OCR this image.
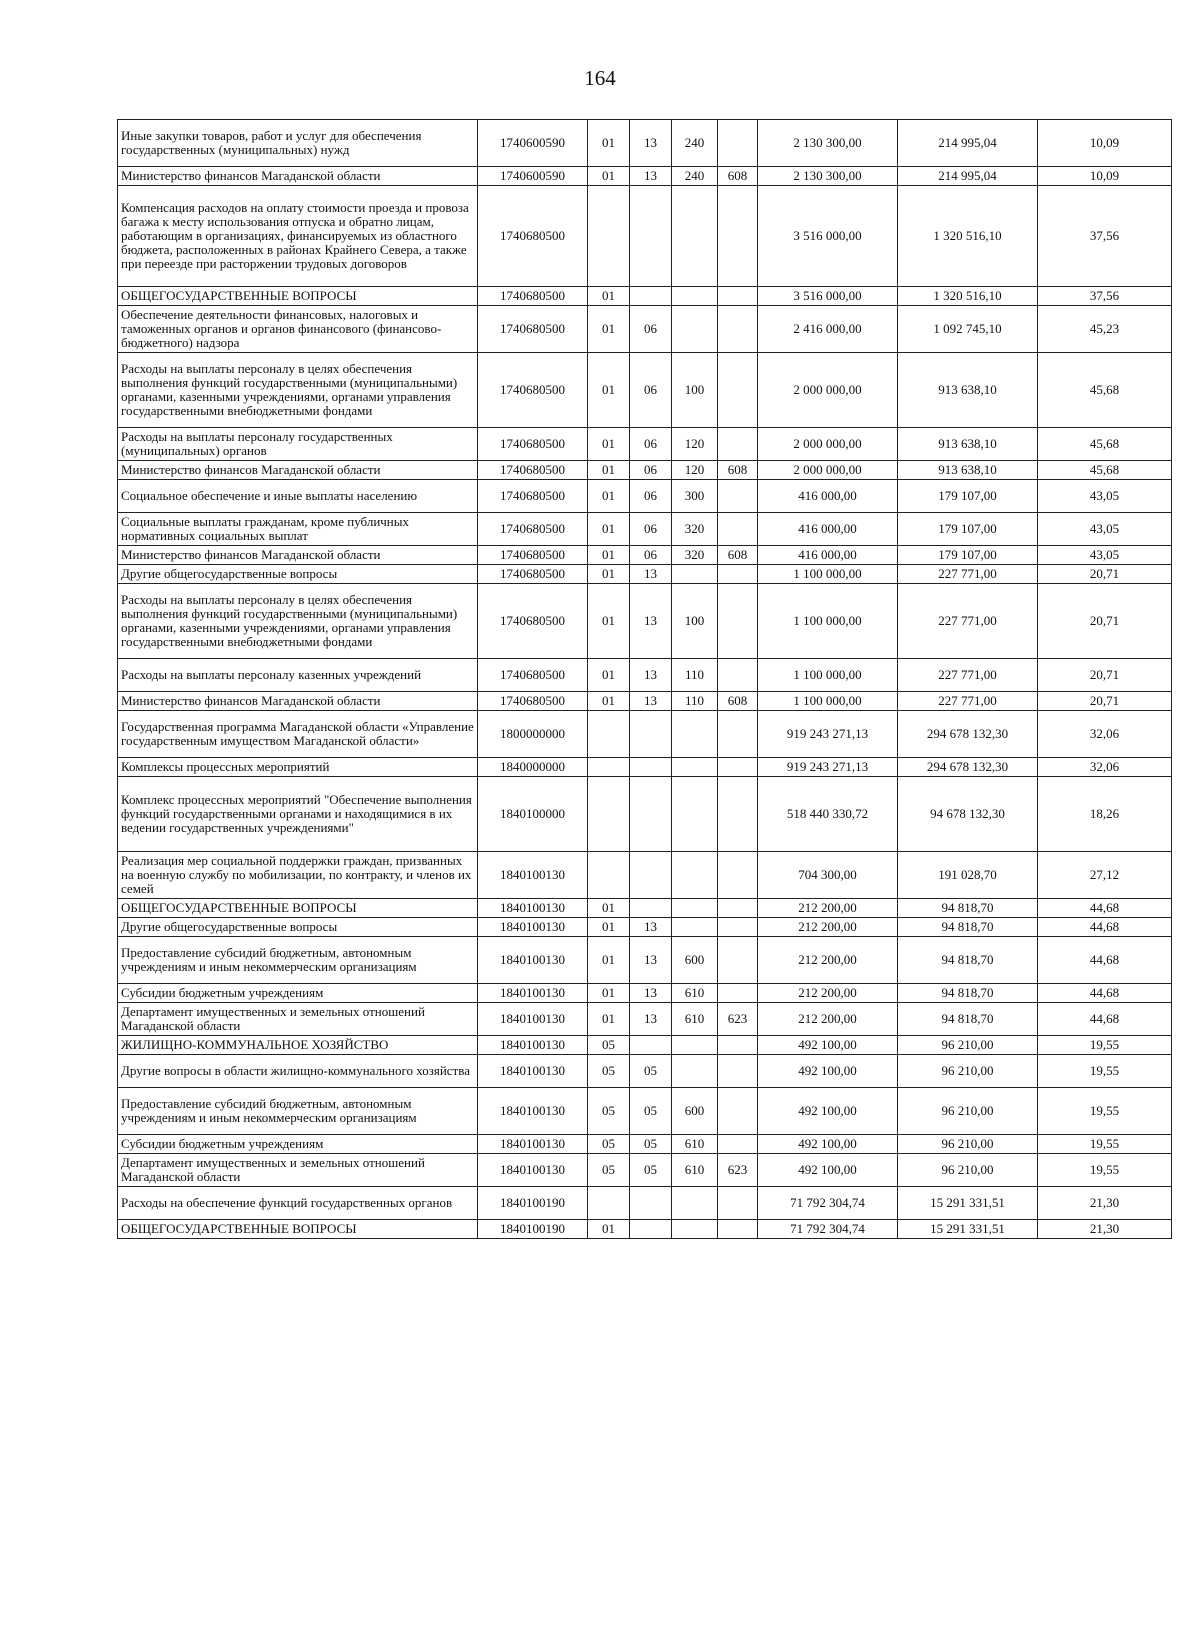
164
Иные закупки товаров, работ и услуг для обеспечения государственных (муниципальных) нужд	1740600590	01	13	240		2 130 300,00	214 995,04	10,09
Министерство финансов Магаданской области	1740600590	01	13	240	608	2 130 300,00	214 995,04	10,09
Компенсация расходов на оплату стоимости проезда и провоза багажа к месту использования отпуска и обратно лицам, работающим в организациях, финансируемых из областного бюджета, расположенных в районах Крайнего Севера, а также при переезде при расторжении трудовых договоров	1740680500					3 516 000,00	1 320 516,10	37,56
ОБЩЕГОСУДАРСТВЕННЫЕ ВОПРОСЫ	1740680500	01				3 516 000,00	1 320 516,10	37,56
Обеспечение деятельности финансовых, налоговых и таможенных органов и органов финансового (финансово-бюджетного) надзора	1740680500	01	06			2 416 000,00	1 092 745,10	45,23
Расходы на выплаты персоналу в целях обеспечения выполнения функций государственными (муниципальными) органами, казенными учреждениями, органами управления государственными внебюджетными фондами	1740680500	01	06	100		2 000 000,00	913 638,10	45,68
Расходы на выплаты персоналу государственных (муниципальных) органов	1740680500	01	06	120		2 000 000,00	913 638,10	45,68
Министерство финансов Магаданской области	1740680500	01	06	120	608	2 000 000,00	913 638,10	45,68
Социальное обеспечение и иные выплаты населению	1740680500	01	06	300		416 000,00	179 107,00	43,05
Социальные выплаты гражданам, кроме публичных нормативных социальных выплат	1740680500	01	06	320		416 000,00	179 107,00	43,05
Министерство финансов Магаданской области	1740680500	01	06	320	608	416 000,00	179 107,00	43,05
Другие общегосударственные вопросы	1740680500	01	13			1 100 000,00	227 771,00	20,71
Расходы на выплаты персоналу в целях обеспечения выполнения функций государственными (муниципальными) органами, казенными учреждениями, органами управления государственными внебюджетными фондами	1740680500	01	13	100		1 100 000,00	227 771,00	20,71
Расходы на выплаты персоналу казенных учреждений	1740680500	01	13	110		1 100 000,00	227 771,00	20,71
Министерство финансов Магаданской области	1740680500	01	13	110	608	1 100 000,00	227 771,00	20,71
Государственная программа Магаданской области «Управление государственным имуществом Магаданской области»	1800000000					919 243 271,13	294 678 132,30	32,06
Комплексы процессных мероприятий	1840000000					919 243 271,13	294 678 132,30	32,06
Комплекс процессных мероприятий "Обеспечение выполнения функций государственными органами и находящимися в их ведении государственных учреждениями"	1840100000					518 440 330,72	94 678 132,30	18,26
Реализация мер социальной поддержки граждан, призванных на военную службу по мобилизации, по контракту, и членов их семей	1840100130					704 300,00	191 028,70	27,12
ОБЩЕГОСУДАРСТВЕННЫЕ ВОПРОСЫ	1840100130	01				212 200,00	94 818,70	44,68
Другие общегосударственные вопросы	1840100130	01	13			212 200,00	94 818,70	44,68
Предоставление субсидий бюджетным, автономным учреждениям и иным некоммерческим организациям	1840100130	01	13	600		212 200,00	94 818,70	44,68
Субсидии бюджетным учреждениям	1840100130	01	13	610		212 200,00	94 818,70	44,68
Департамент имущественных и земельных отношений Магаданской области	1840100130	01	13	610	623	212 200,00	94 818,70	44,68
ЖИЛИЩНО-КОММУНАЛЬНОЕ ХОЗЯЙСТВО	1840100130	05				492 100,00	96 210,00	19,55
Другие вопросы в области жилищно-коммунального хозяйства	1840100130	05	05			492 100,00	96 210,00	19,55
Предоставление субсидий бюджетным, автономным учреждениям и иным некоммерческим организациям	1840100130	05	05	600		492 100,00	96 210,00	19,55
Субсидии бюджетным учреждениям	1840100130	05	05	610		492 100,00	96 210,00	19,55
Департамент имущественных и земельных отношений Магаданской области	1840100130	05	05	610	623	492 100,00	96 210,00	19,55
Расходы на обеспечение функций государственных органов	1840100190					71 792 304,74	15 291 331,51	21,30
ОБЩЕГОСУДАРСТВЕННЫЕ ВОПРОСЫ	1840100190	01				71 792 304,74	15 291 331,51	21,30
